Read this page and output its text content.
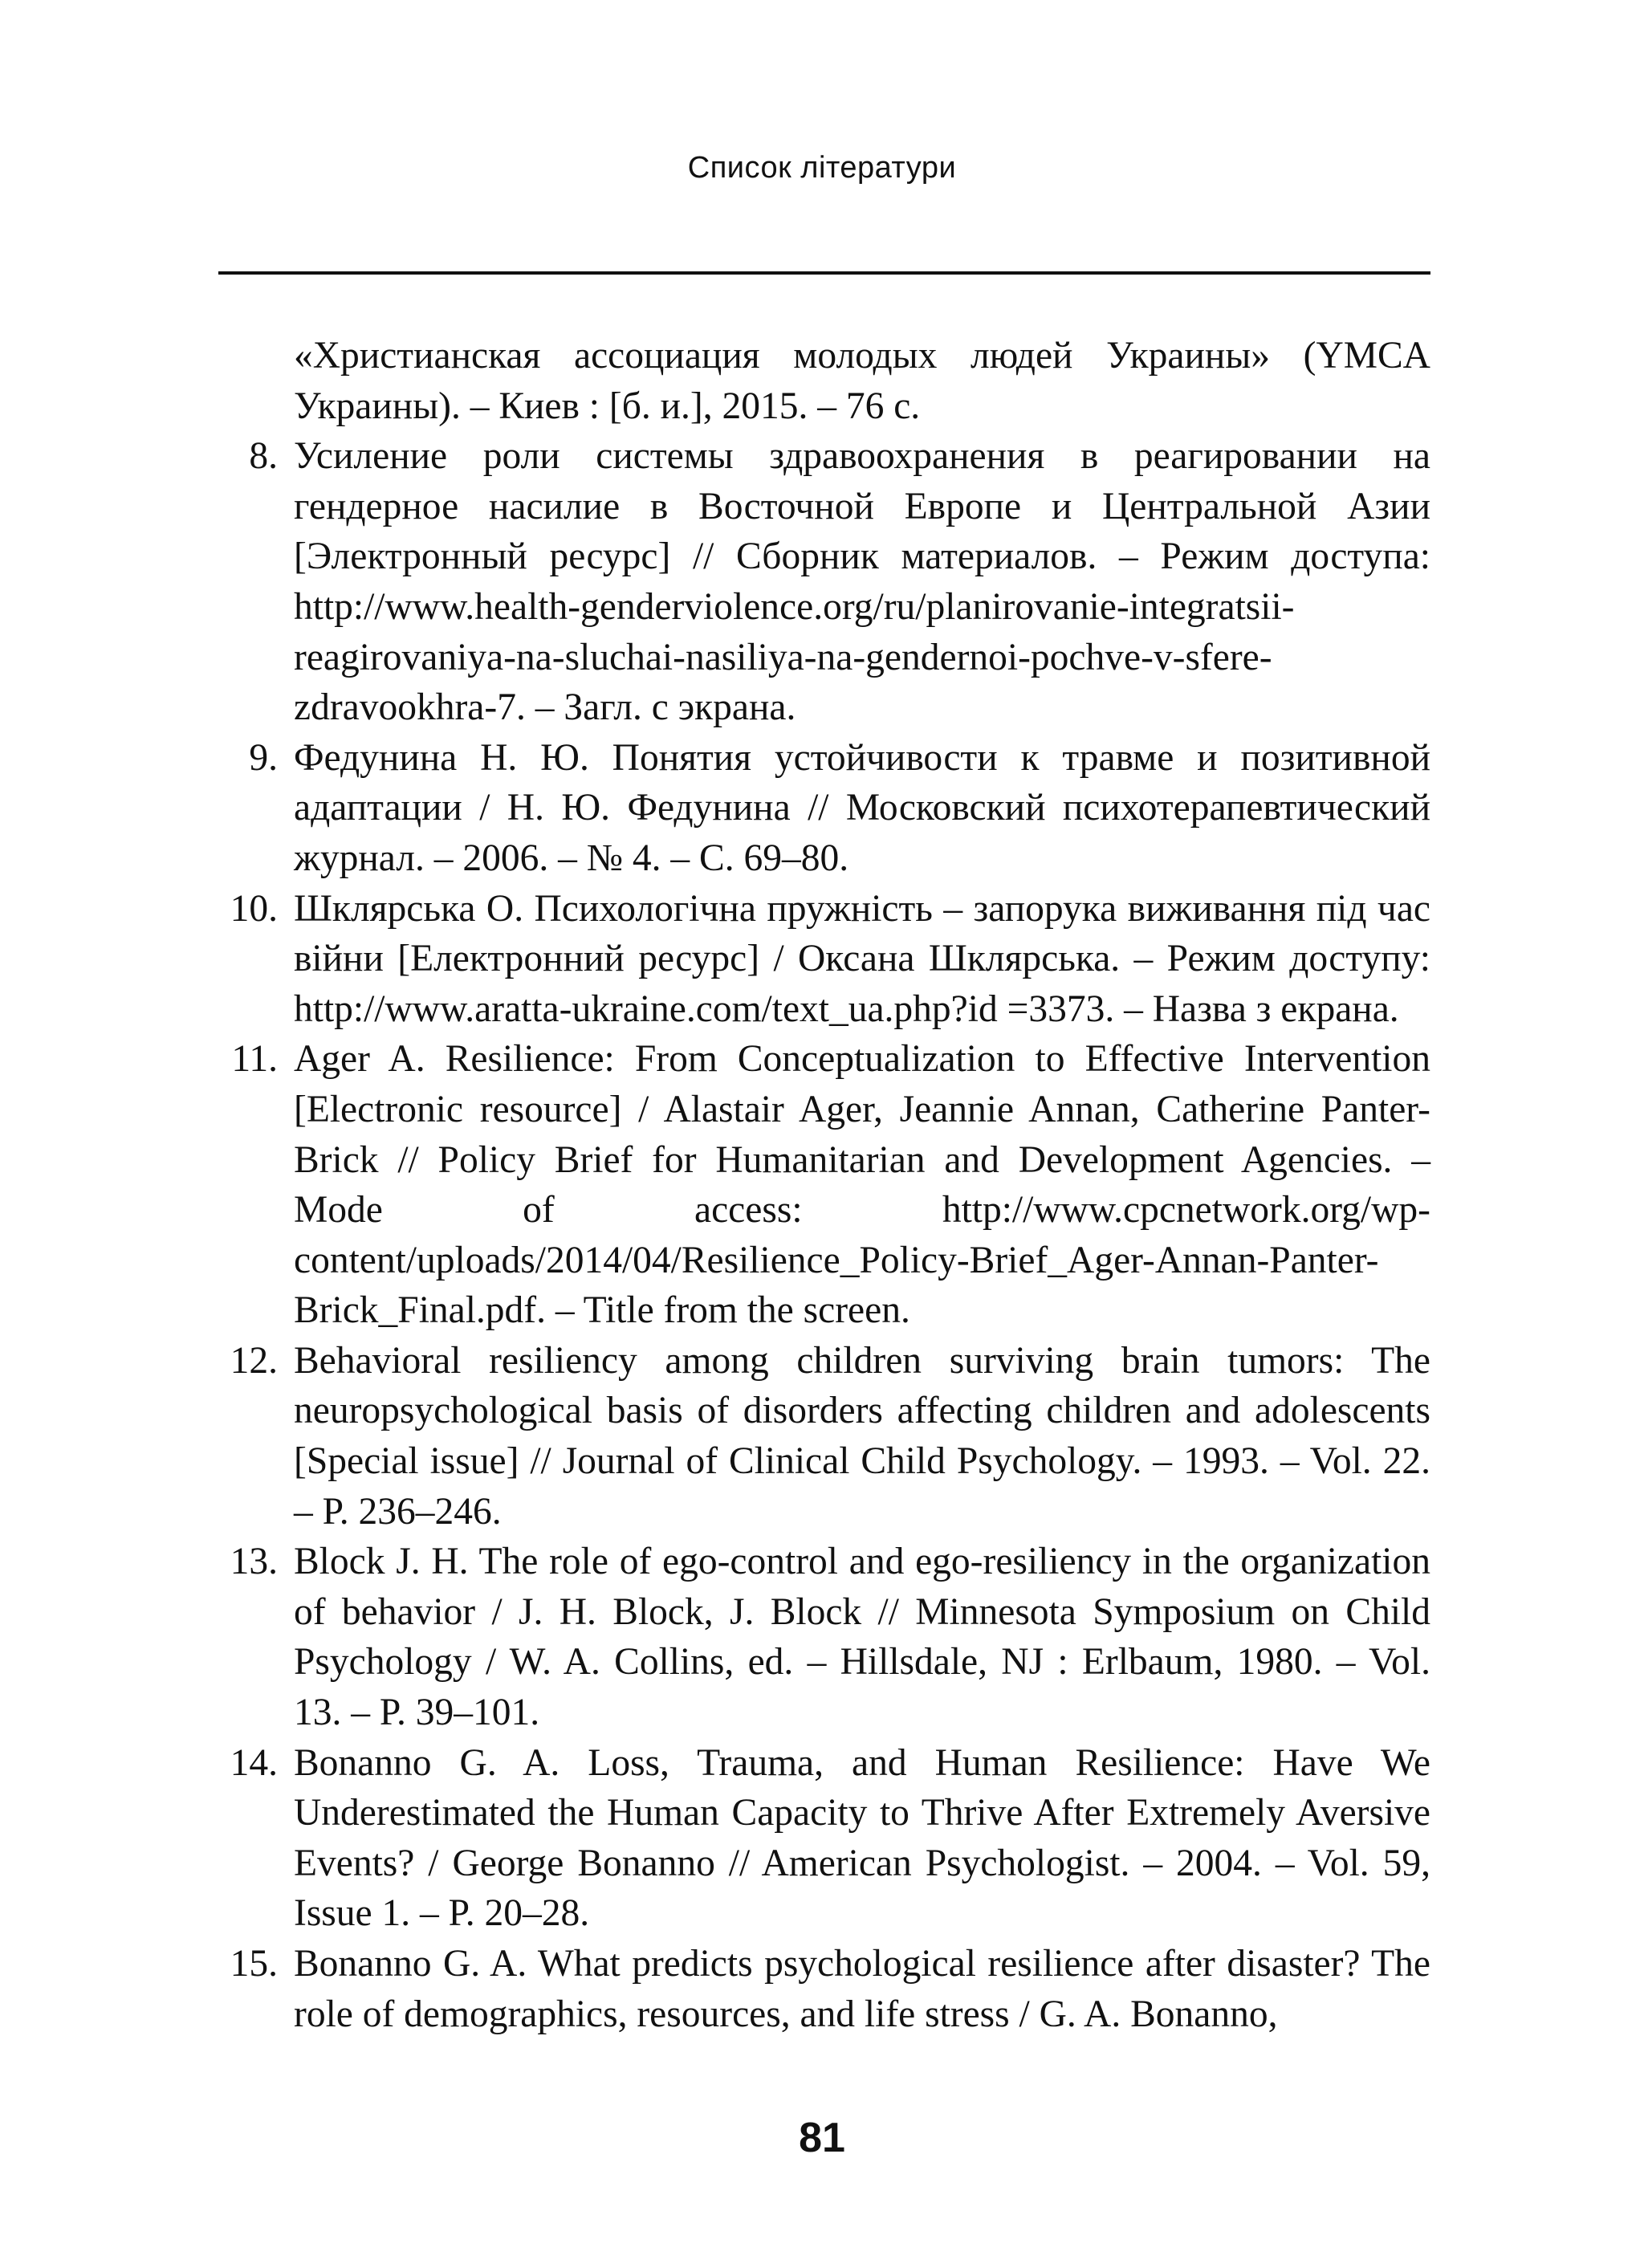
Список літератури
«Христианская ассоциация молодых людей Украины» (YMCA Украины). – Киев : [б. и.], 2015. – 76 с.
8. Усиление роли системы здравоохранения в реагировании на гендерное насилие в Восточной Европе и Центральной Азии [Электронный ресурс] // Сборник материалов. – Режим доступа: http://www.health-genderviolence.org/ru/planirovanie-integratsii-reagirovaniya-na-sluchai-nasiliya-na-gendernoi-pochve-v-sfere-zdravookhra-7. – Загл. с экрана.
9. Федунина Н. Ю. Понятия устойчивости к травме и позитивной адаптации / Н. Ю. Федунина // Московский психотерапевтический журнал. – 2006. – № 4. – С. 69–80.
10. Шклярська О. Психологічна пружність – запорука виживання під час війни [Електронний ресурс] / Оксана Шклярська. – Режим доступу: http://www.aratta-ukraine.com/text_ua.php?id =3373. – Назва з екрана.
11. Ager A. Resilience: From Conceptualization to Effective Intervention [Electronic resource] / Alastair Ager, Jeannie Annan, Catherine Panter-Brick // Policy Brief for Humanitarian and Development Agencies. – Mode of access: http://www.cpcnetwork.org/wp-content/uploads/2014/04/Resilience_Policy-Brief_Ager-Annan-Panter-Brick_Final.pdf. – Title from the screen.
12. Behavioral resiliency among children surviving brain tumors: The neuropsychological basis of disorders affecting children and adolescents [Special issue] // Journal of Clinical Child Psychology. – 1993. – Vol. 22. – P. 236–246.
13. Block J. H. The role of ego-control and ego-resiliency in the organization of behavior / J. H. Block, J. Block // Minnesota Symposium on Child Psychology / W. A. Collins, ed. – Hillsdale, NJ : Erlbaum, 1980. – Vol. 13. – P. 39–101.
14. Bonanno G. A. Loss, Trauma, and Human Resilience: Have We Underestimated the Human Capacity to Thrive After Extremely Aversive Events? / George Bonanno // American Psychologist. – 2004. – Vol. 59, Issue 1. – P. 20–28.
15. Bonanno G. A. What predicts psychological resilience after disaster? The role of demographics, resources, and life stress / G. A. Bonanno,
81
